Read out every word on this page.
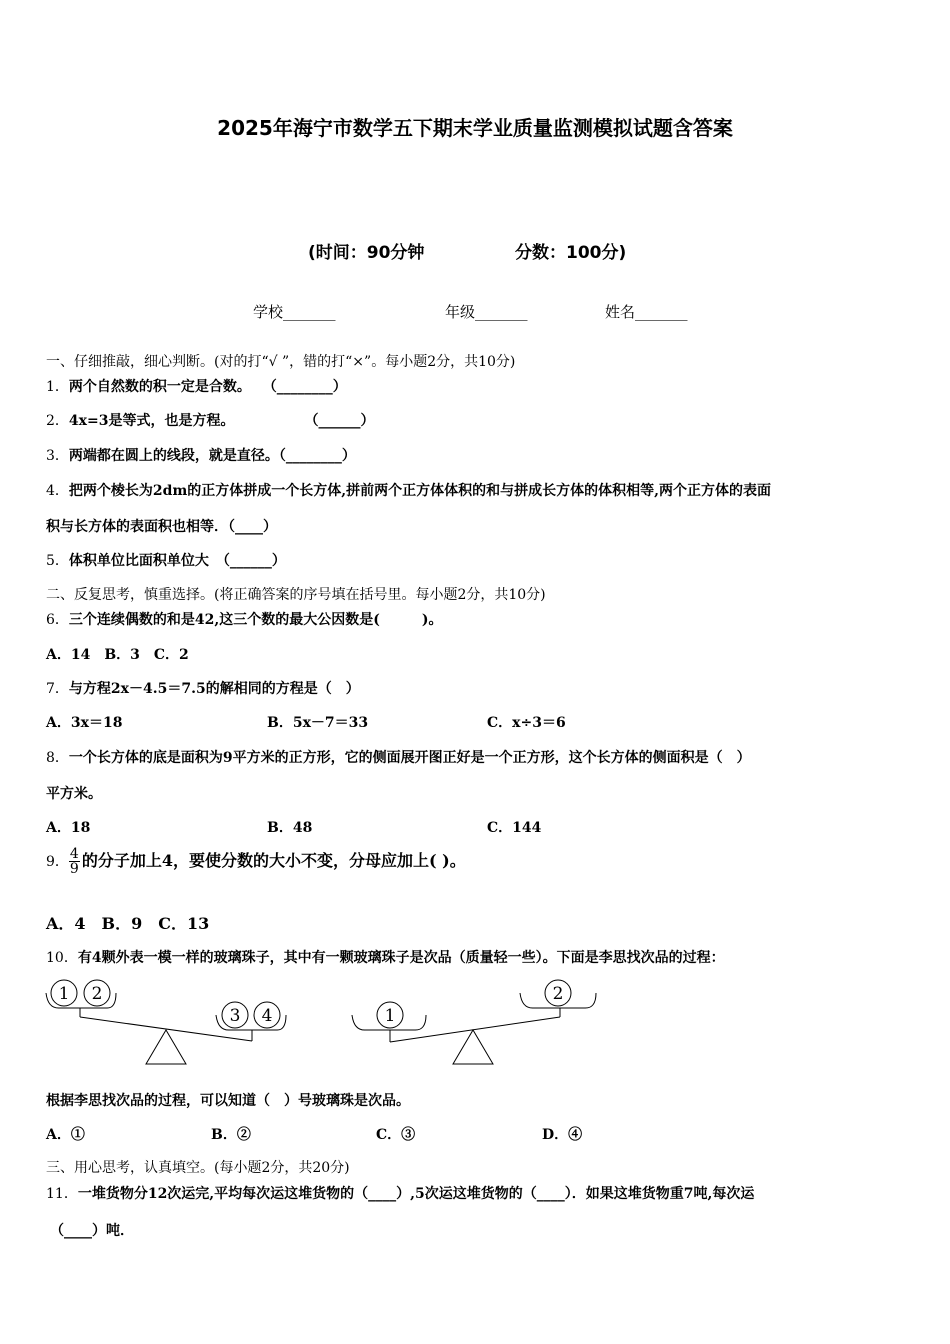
2025年海宁市数学五下期末学业质量监测模拟试题含答案
(时间：90分钟	分数：100分)
学校_______	年级_______	姓名_______
一、仔细推敲，细心判断。(对的打“√ ”，错的打“×”。每小题2分，共10分)
1．两个自然数的积一定是合数。　 （________）
2．4x=3是等式，也是方程。　　　　　　（______）
3．两端都在圆上的线段，就是直径。（________）
4．把两个棱长为2dm的正方体拼成一个长方体,拼前两个正方体体积的和与拼成长方体的体积相等,两个正方体的表面
积与长方体的表面积也相等．（____）
5．体积单位比面积单位大　（______）
二、反复思考，慎重选择。(将正确答案的序号填在括号里。每小题2分，共10分)
6．三个连续偶数的和是42,这三个数的最大公因数是(　　　)。
A．14　B．3　C．2
7．与方程2x－4.5＝7.5的解相同的方程是（　）
A．3x＝18	B．5x－7＝33	C．x÷3＝6
8．一个长方体的底是面积为9平方米的正方形，它的侧面展开图正好是一个正方形，这个长方体的侧面积是（　）
平方米。
A．18	B．48	C．144
9． $\frac{4}{9}$ 的分子加上4，要使分数的大小不变，分母应加上( )。
A．4　B．9　C．13
10．有4颗外表一模一样的玻璃珠子，其中有一颗玻璃珠子是次品（质量轻一些）。下面是李思找次品的过程：
1 2
3 4	1
2
根据李思找次品的过程，可以知道（　）号玻璃珠是次品。
A．①	B．②	C．③	D．④
三、用心思考，认真填空。(每小题2分，共20分)
11．一堆货物分12次运完,平均每次运这堆货物的（____）,5次运这堆货物的（____）．如果这堆货物重7吨,每次运
（____）吨．
